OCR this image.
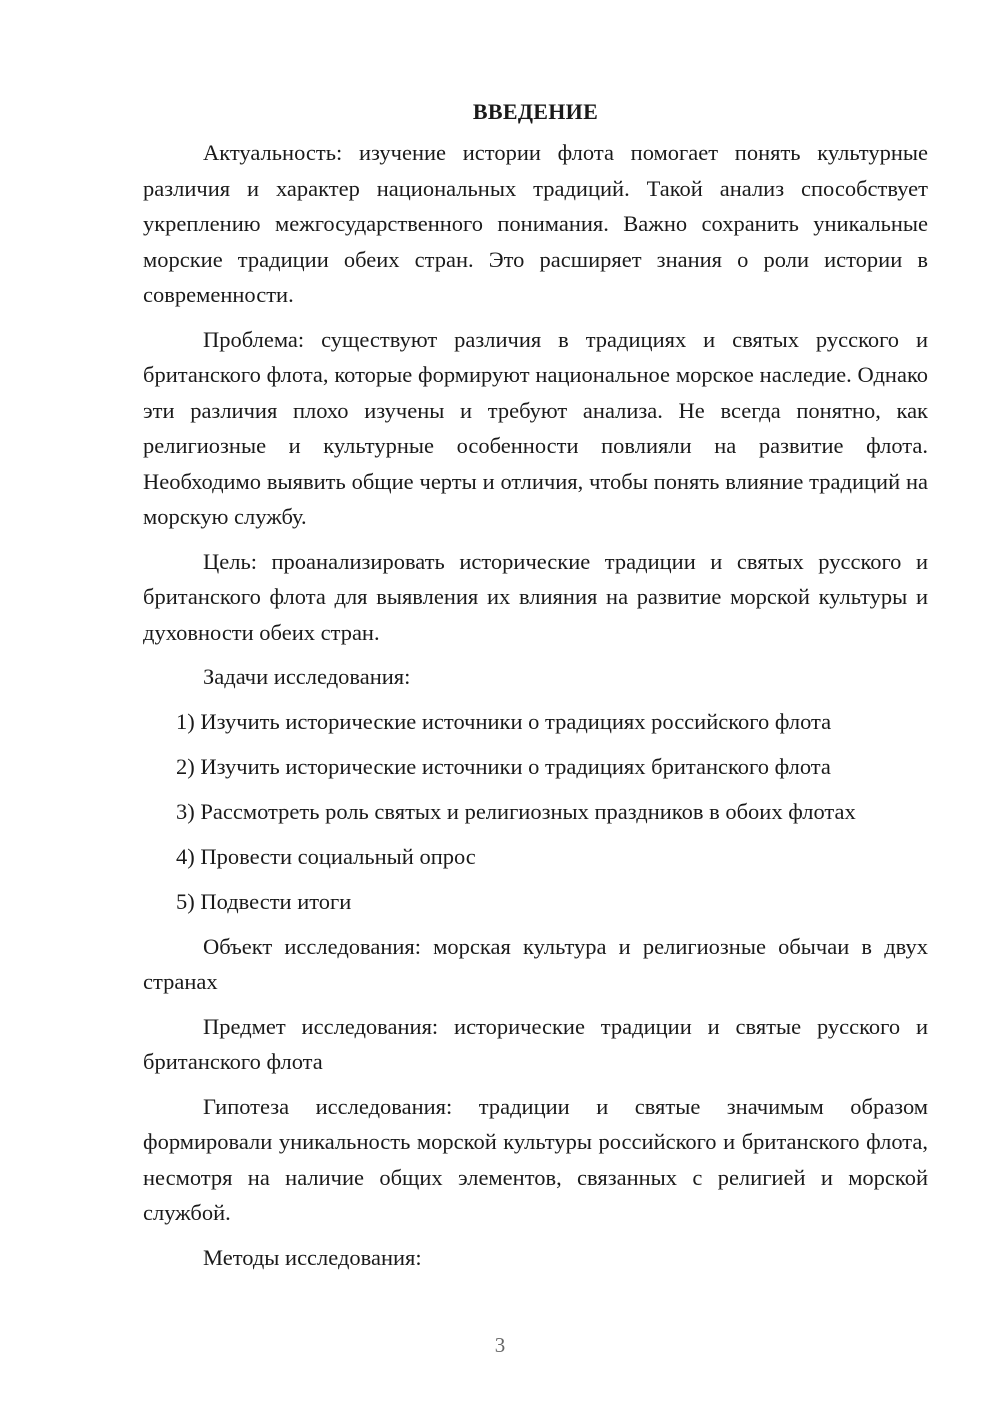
ВВЕДЕНИЕ

Актуальность: изучение истории флота помогает понять культурные различия и характер национальных традиций. Такой анализ способствует укреплению межгосударственного понимания. Важно сохранить уникальные морские традиции обеих стран. Это расширяет знания о роли истории в современности.

Проблема: существуют различия в традициях и святых русского и британского флота, которые формируют национальное морское наследие. Однако эти различия плохо изучены и требуют анализа. Не всегда понятно, как религиозные и культурные особенности повлияли на развитие флота. Необходимо выявить общие черты и отличия, чтобы понять влияние традиций на морскую службу.

Цель: проанализировать исторические традиции и святых русского и британского флота для выявления их влияния на развитие морской культуры и духовности обеих стран.

Задачи исследования:

1) Изучить исторические источники о традициях российского флота
2) Изучить исторические источники о традициях британского флота
3) Рассмотреть роль святых и религиозных праздников в обоих флотах
4) Провести социальный опрос
5) Подвести итоги

Объект исследования: морская культура и религиозные обычаи в двух странах

Предмет исследования: исторические традиции и святые русского и британского флота

Гипотеза исследования: традиции и святые значимым образом формировали уникальность морской культуры российского и британского флота, несмотря на наличие общих элементов, связанных с религией и морской службой.

Методы исследования:

3
